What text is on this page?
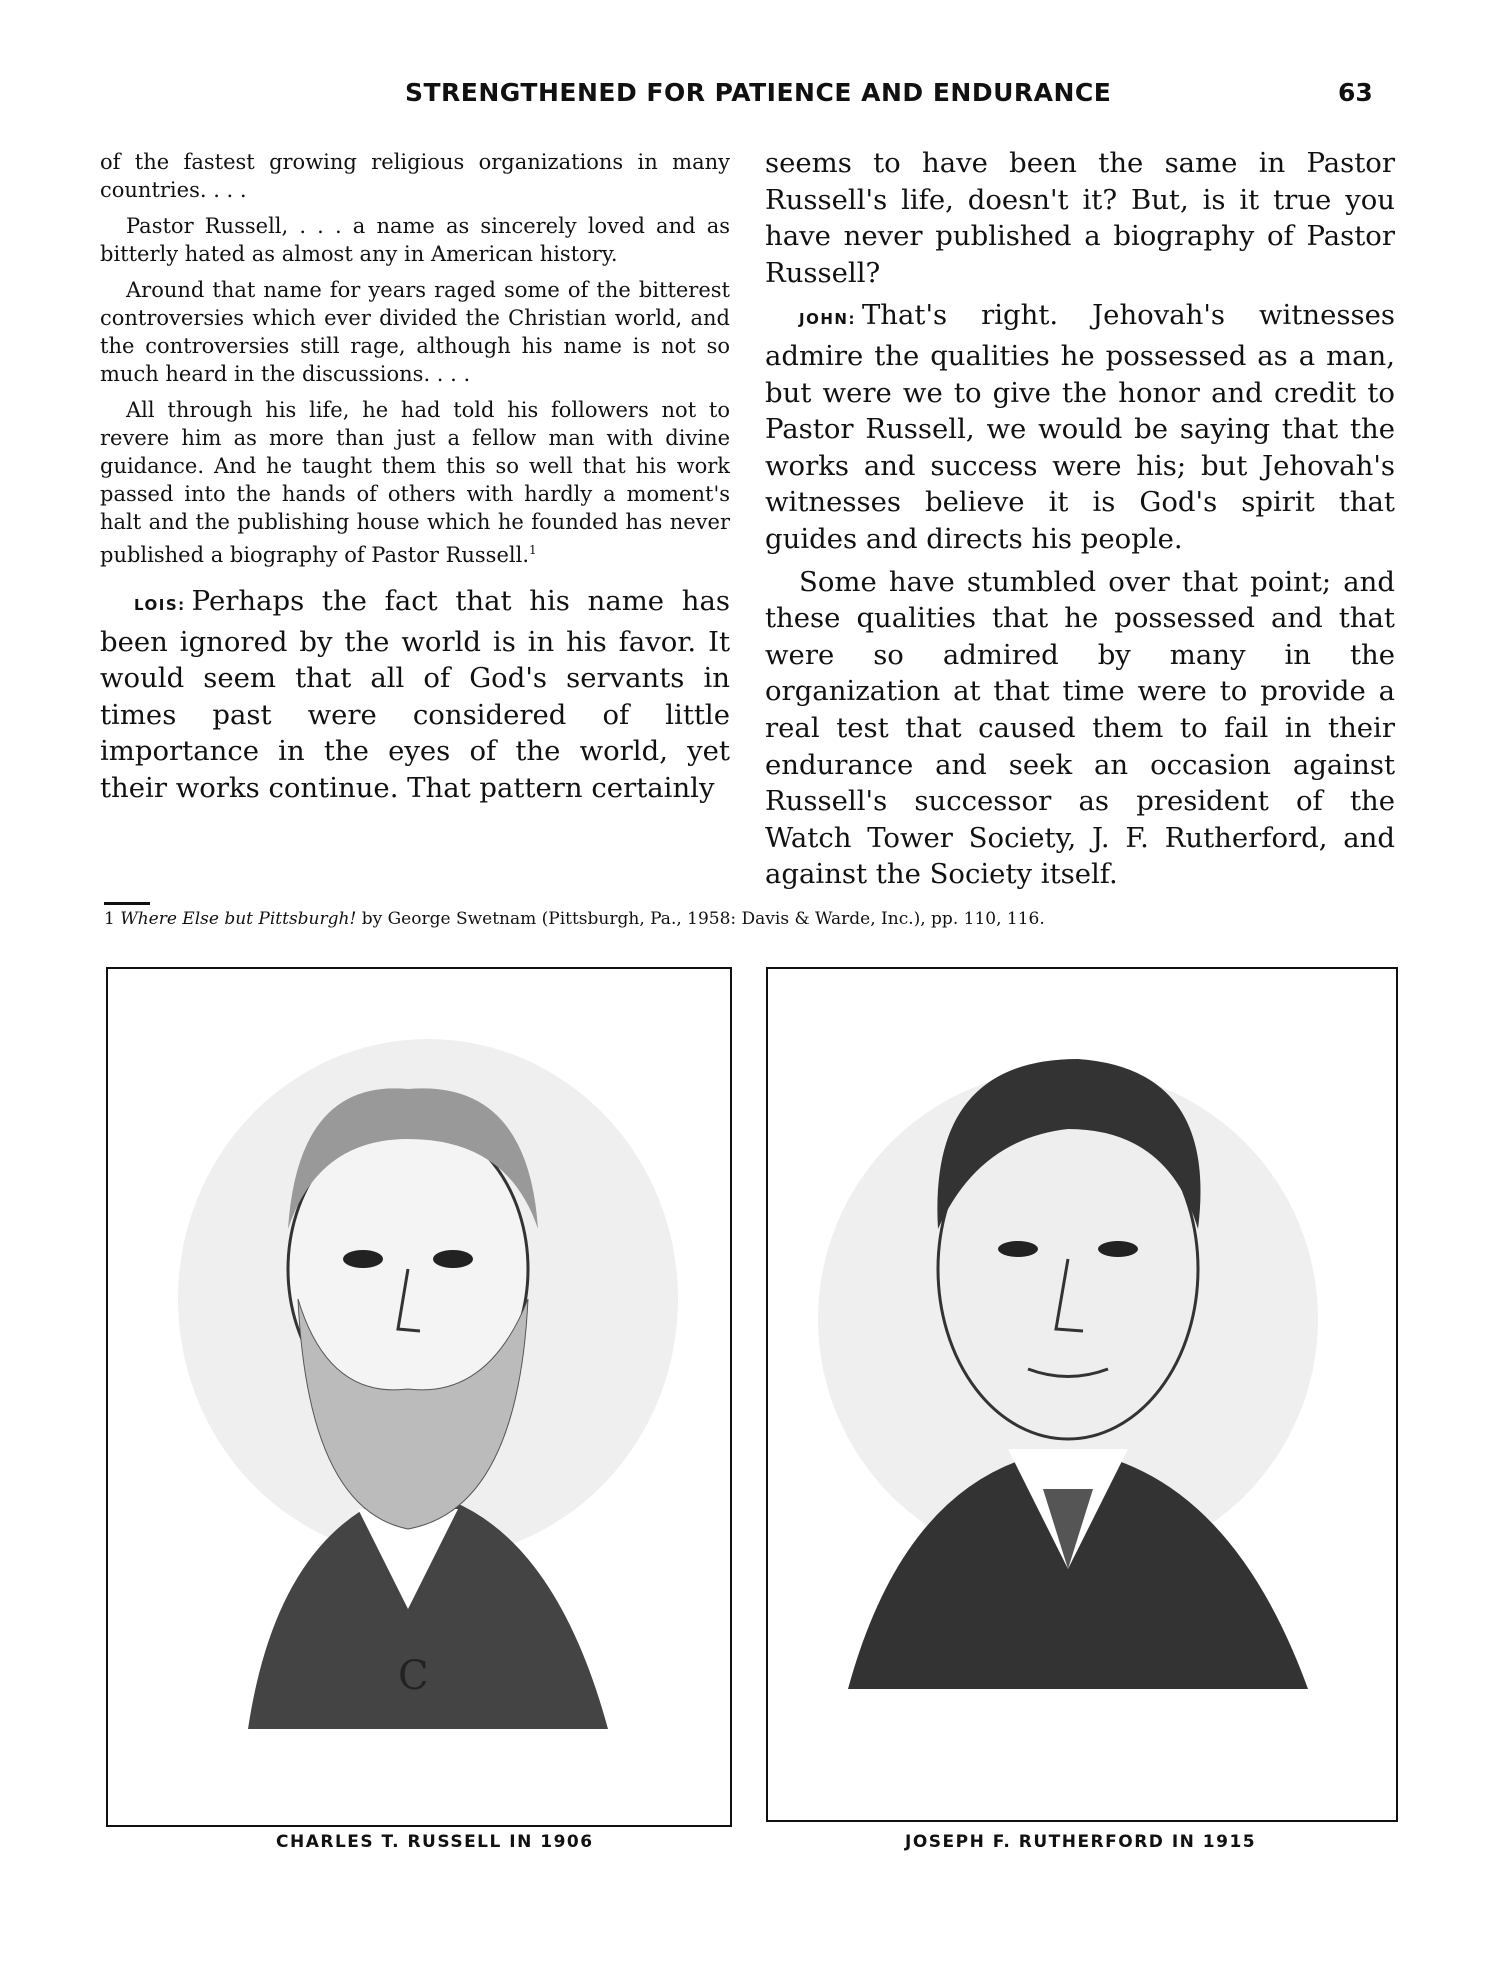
STRENGTHENED FOR PATIENCE AND ENDURANCE	63

of the fastest growing religious organizations in many countries. . . .

Pastor Russell, . . . a name as sincerely loved and as bitterly hated as almost any in American history.

Around that name for years raged some of the bitterest controversies which ever divided the Christian world, and the controversies still rage, although his name is not so much heard in the discussions. . . .

All through his life, he had told his followers not to revere him as more than just a fellow man with divine guidance. And he taught them this so well that his work passed into the hands of others with hardly a moment's halt and the publishing house which he founded has never published a biography of Pastor Russell.$^1$

LOIS: Perhaps the fact that his name has been ignored by the world is in his favor. It would seem that all of God's servants in times past were considered of little importance in the eyes of the world, yet their works continue. That pattern certainly

seems to have been the same in Pastor Russell's life, doesn't it? But, is it true you have never published a biography of Pastor Russell?

JOHN: That's right. Jehovah's witnesses admire the qualities he possessed as a man, but were we to give the honor and credit to Pastor Russell, we would be saying that the works and success were his; but Jehovah's witnesses believe it is God's spirit that guides and directs his people.

Some have stumbled over that point; and these qualities that he possessed and that were so admired by many in the organization at that time were to provide a real test that caused them to fail in their endurance and seek an occasion against Russell's successor as president of the Watch Tower Society, J. F. Rutherford, and against the Society itself.

1 Where Else but Pittsburgh! by George Swetnam (Pittsburgh, Pa., 1958: Davis & Warde, Inc.), pp. 110, 116.
C
CHARLES T. RUSSELL IN 1906	JOSEPH F. RUTHERFORD IN 1915
